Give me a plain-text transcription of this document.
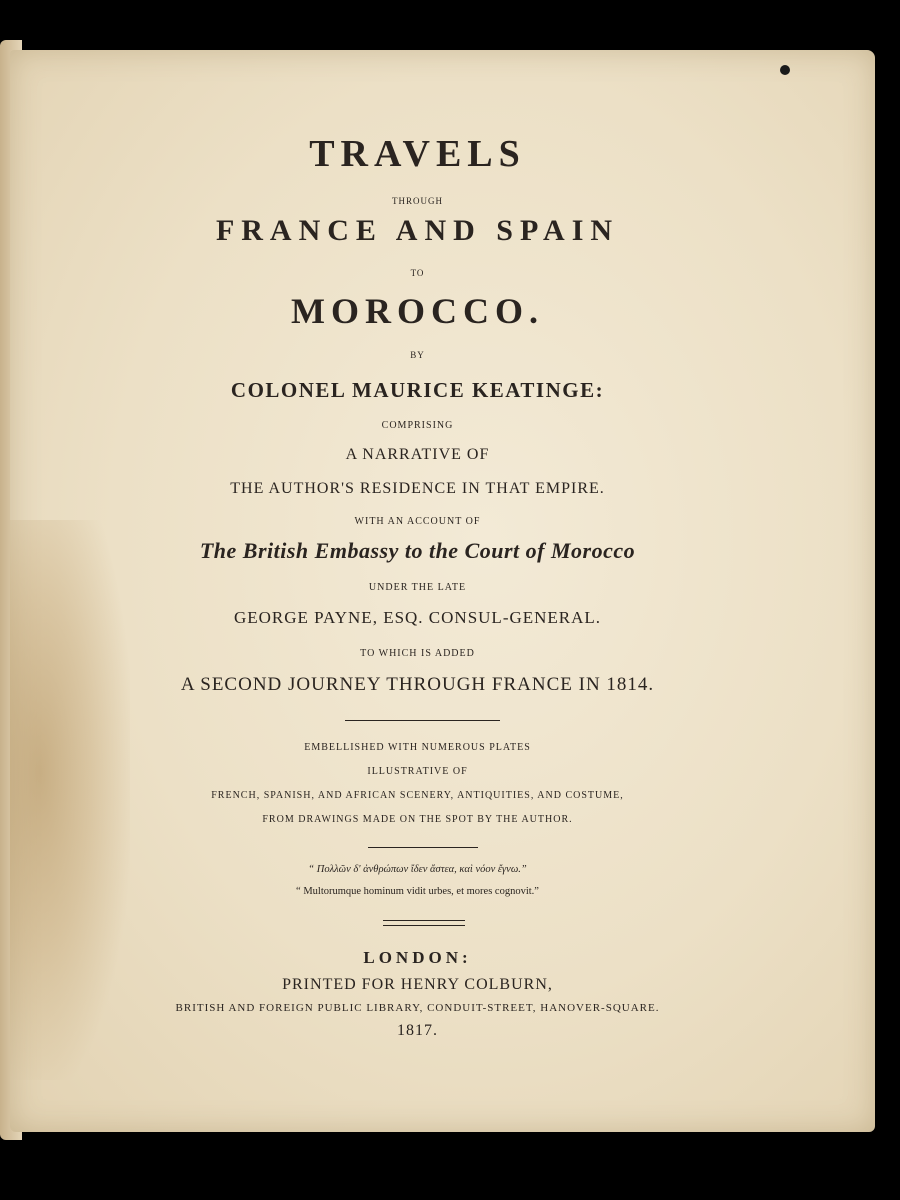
TRAVELS

THROUGH

FRANCE AND SPAIN

TO

MOROCCO.

BY

COLONEL MAURICE KEATINGE:

COMPRISING

A NARRATIVE OF

THE AUTHOR'S RESIDENCE IN THAT EMPIRE.

WITH AN ACCOUNT OF

The British Embassy to the Court of Morocco

UNDER THE LATE

GEORGE PAYNE, ESQ. CONSUL-GENERAL.

TO WHICH IS ADDED

A SECOND JOURNEY THROUGH FRANCE IN 1814.

EMBELLISHED WITH NUMEROUS PLATES

ILLUSTRATIVE OF

FRENCH, SPANISH, AND AFRICAN SCENERY, ANTIQUITIES, AND COSTUME,

FROM DRAWINGS MADE ON THE SPOT BY THE AUTHOR.

“ Πολλῶν δ' ἀνθρώπων ἴδεν ἄστεα, καὶ νόον ἔγνω.”

“ Multorumque hominum vidit urbes, et mores cognovit.”

LONDON:

PRINTED FOR HENRY COLBURN,

BRITISH AND FOREIGN PUBLIC LIBRARY, CONDUIT-STREET, HANOVER-SQUARE.

1817.
